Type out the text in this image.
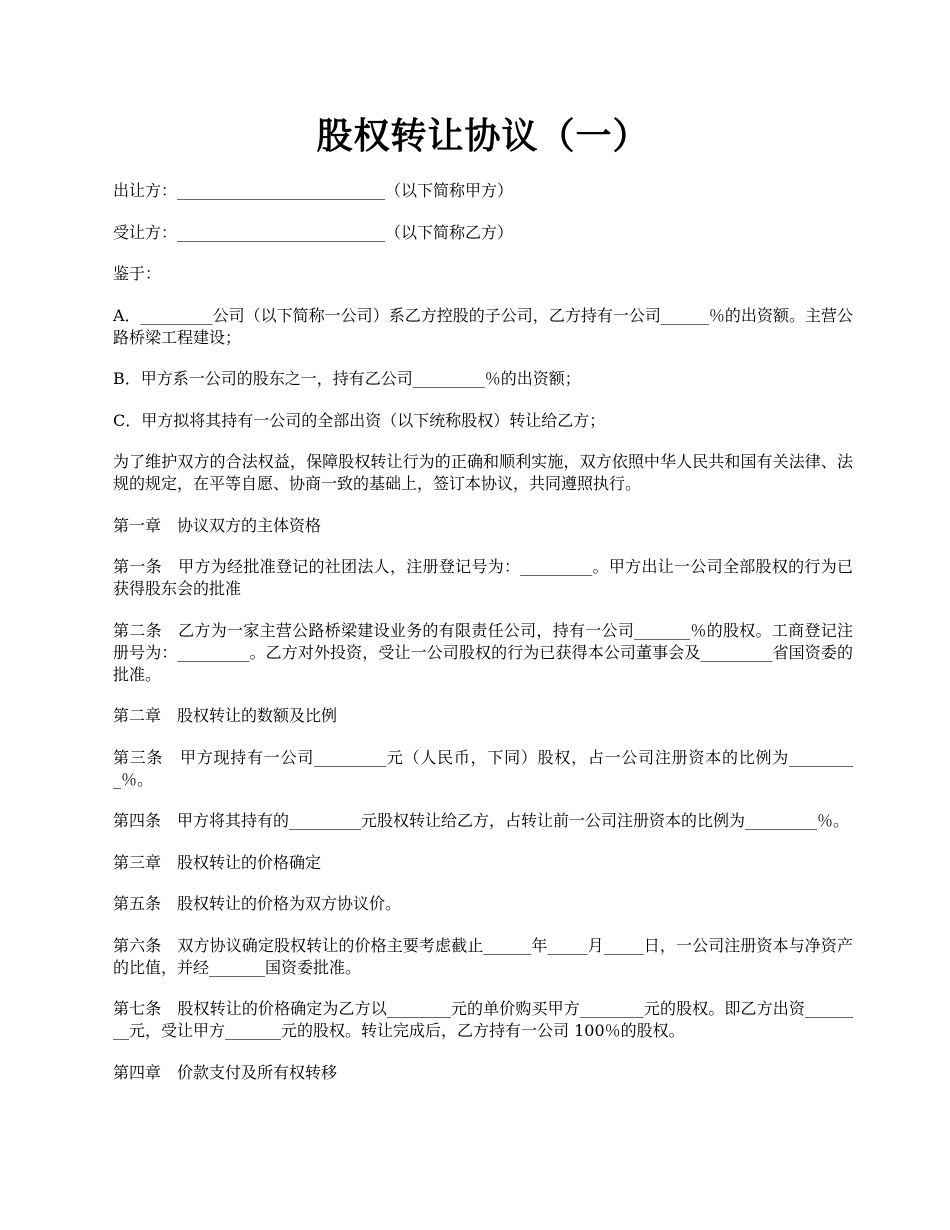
股权转让协议（一）

出让方：__________________________（以下简称甲方）

受让方：__________________________（以下简称乙方）

鉴于：

A．_________公司（以下简称一公司）系乙方控股的子公司，乙方持有一公司______％的出资额。主营公路桥梁工程建设；

B．甲方系一公司的股东之一，持有乙公司_________％的出资额；

C．甲方拟将其持有一公司的全部出资（以下统称股权）转让给乙方；

为了维护双方的合法权益，保障股权转让行为的正确和顺利实施，双方依照中华人民共和国有关法律、法规的规定，在平等自愿、协商一致的基础上，签订本协议，共同遵照执行。

第一章　协议双方的主体资格

第一条　甲方为经批准登记的社团法人，注册登记号为：_________。甲方出让一公司全部股权的行为已获得股东会的批准

第二条　乙方为一家主营公路桥梁建设业务的有限责任公司，持有一公司_______％的股权。工商登记注册号为：_________。乙方对外投资，受让一公司股权的行为已获得本公司董事会及_________省国资委的批准。

第二章　股权转让的数额及比例

第三条　甲方现持有一公司_________元（人民币，下同）股权，占一公司注册资本的比例为_________％。

第四条　甲方将其持有的_________元股权转让给乙方，占转让前一公司注册资本的比例为_________％。

第三章　股权转让的价格确定

第五条　股权转让的价格为双方协议价。

第六条　双方协议确定股权转让的价格主要考虑截止______年_____月_____日，一公司注册资本与净资产的比值，并经_______国资委批准。

第七条　股权转让的价格确定为乙方以________元的单价购买甲方________元的股权。即乙方出资________元，受让甲方_______元的股权。转让完成后，乙方持有一公司 100％的股权。

第四章　价款支付及所有权转移
